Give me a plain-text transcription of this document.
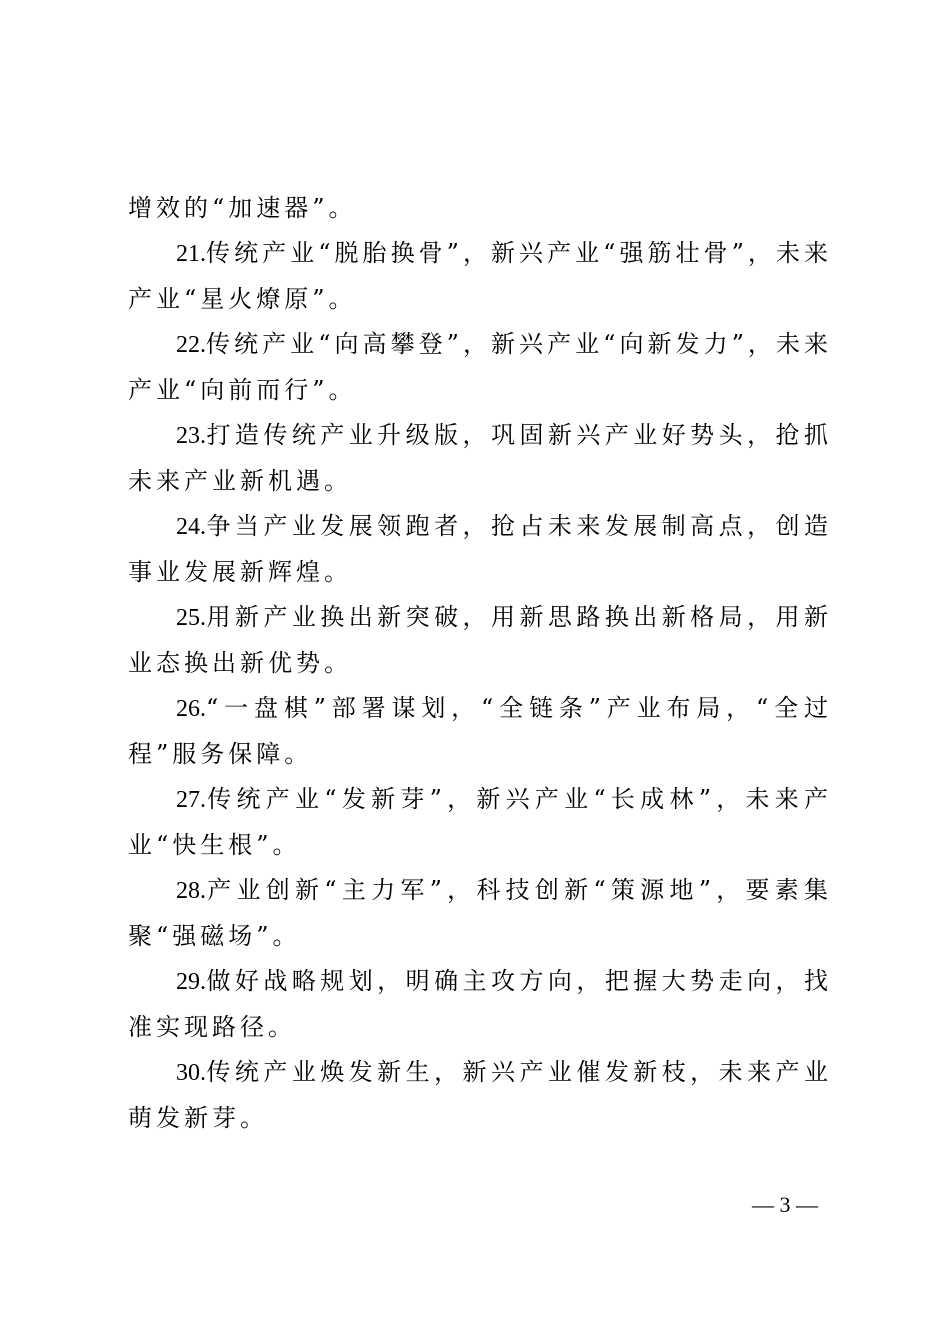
增效的“加速器”。

21.传统产业“脱胎换骨”，新兴产业“强筋壮骨”，未来产业“星火燎原”。

22.传统产业“向高攀登”，新兴产业“向新发力”，未来产业“向前而行”。

23.打造传统产业升级版，巩固新兴产业好势头，抢抓未来产业新机遇。

24.争当产业发展领跑者，抢占未来发展制高点，创造事业发展新辉煌。

25.用新产业换出新突破，用新思路换出新格局，用新业态换出新优势。

26.“一盘棋”部署谋划，“全链条”产业布局，“全过程”服务保障。

27.传统产业“发新芽”，新兴产业“长成林”，未来产业“快生根”。

28.产业创新“主力军”，科技创新“策源地”，要素集聚“强磁场”。

29.做好战略规划，明确主攻方向，把握大势走向，找准实现路径。

30.传统产业焕发新生，新兴产业催发新枝，未来产业萌发新芽。

— 3 —
